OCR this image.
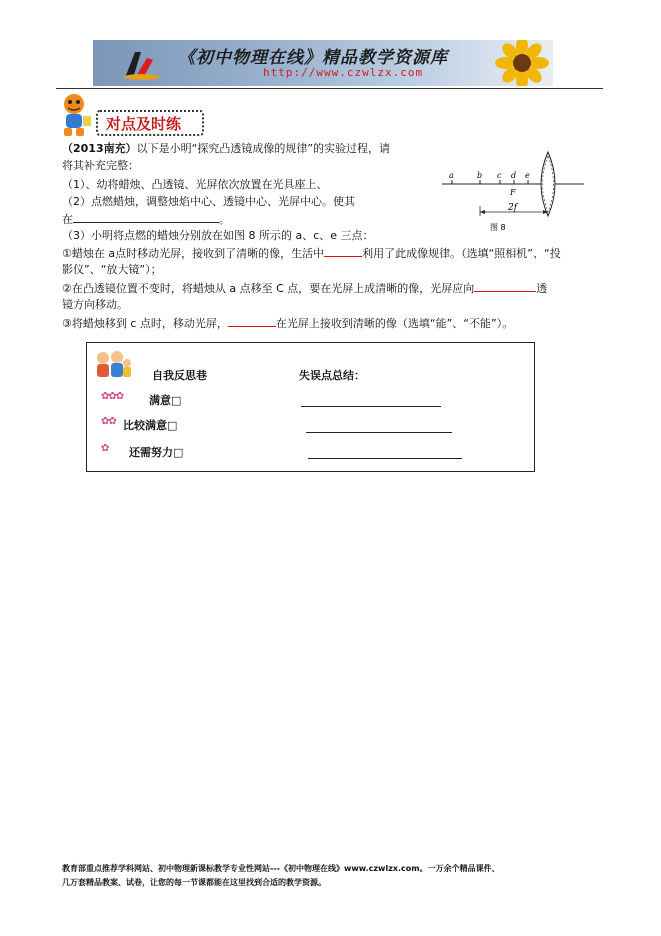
《初中物理在线》精品教学资源库
http://www.czwlzx.com
对点及时练
（2013南充）以下是小明“探究凸透镜成像的规律”的实验过程，请
将其补充完整：
（1）、幼将蜡烛、凸透镜、光屏依次放置在光具座上、
（2）点燃蜡烛，调整烛焰中心、透镜中心、光屏中心。使其
在	。
（3）小明将点燃的蜡烛分别放在如图 8 所示的 a、c、e 三点：
①蜡烛在 a点时移动光屏，接收到了清晰的像，生活中	利用了此成像规律。（选填“照相机”、“投
影仪”、“放大镜”）；
②在凸透镜位置不变时，将蜡烛从 a 点移至 C 点，要在光屏上成清晰的像，光屏应向	透
镜方向移动。
③将蜡烛移到 c 点时，移动光屏，	在光屏上接收到清晰的像（选填“能”、“不能”）。
a	b c d e
F
2f
图 8
自我反思巷	失误点总结：
✿✿✿ 满意□
✿✿ 比较满意□
✿ 还需努力□
教育部重点推荐学科网站、初中物理新课标教学专业性网站---《初中物理在线》www.czwlzx.com。一万余个精品课件、
几万套精品教案、试卷，让您的每一节课都能在这里找到合适的教学资源。
